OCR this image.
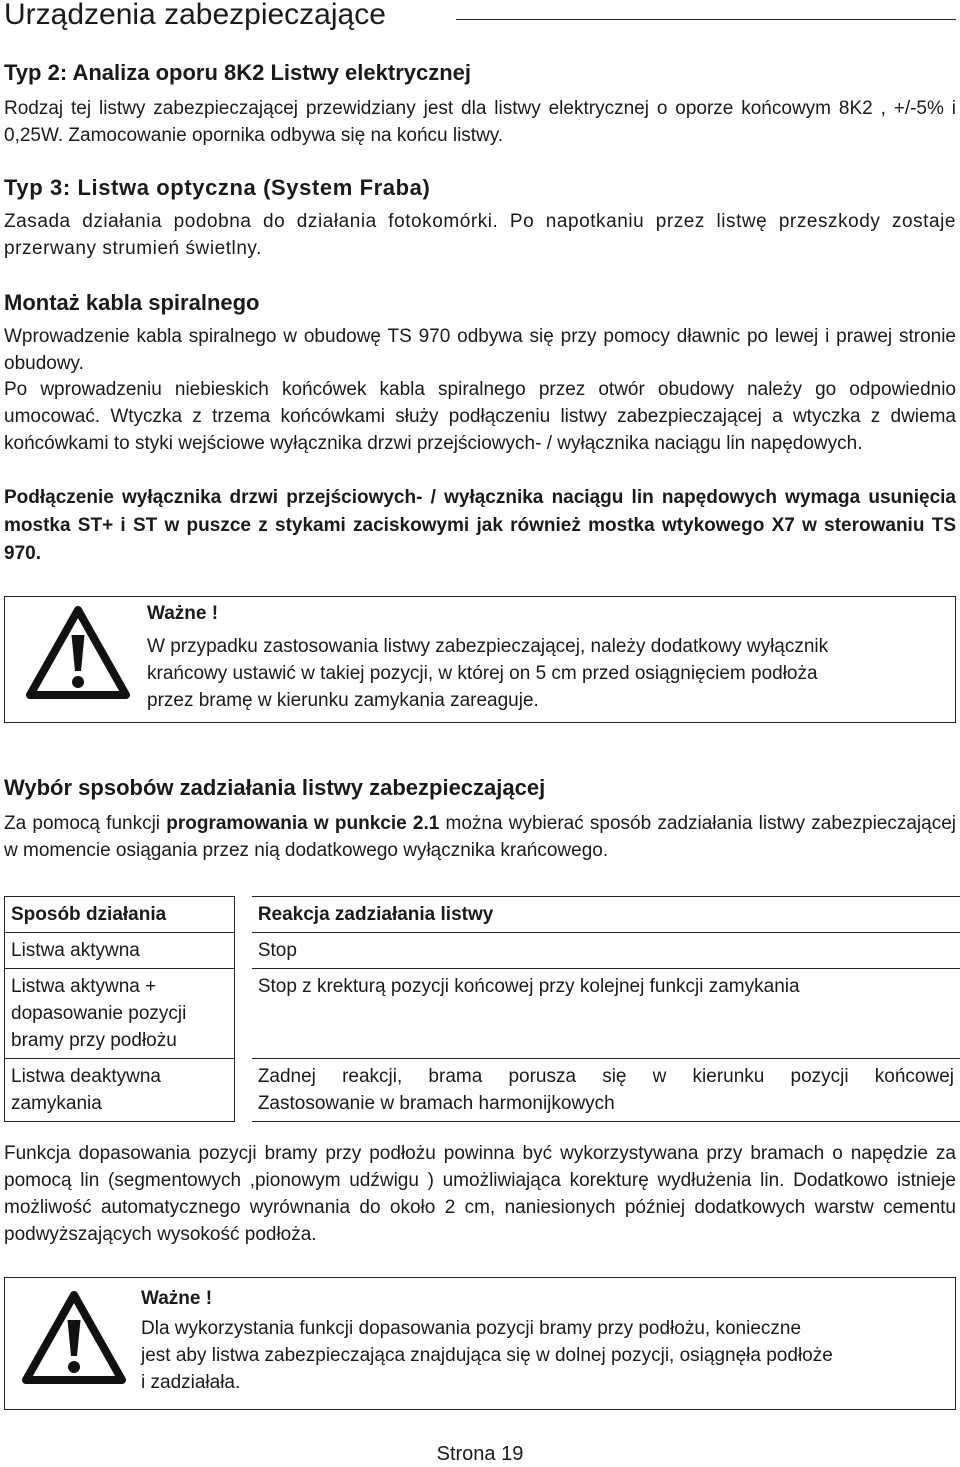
Urządzenia zabezpieczające
Typ 2: Analiza oporu 8K2 Listwy elektrycznej

Rodzaj tej listwy zabezpieczającej przewidziany jest dla listwy elektrycznej o oporze końcowym 8K2 , +/-5% i 0,25W. Zamocowanie opornika odbywa się na końcu listwy.

Typ 3: Listwa optyczna (System Fraba)

Zasada działania podobna do działania fotokomórki. Po napotkaniu przez listwę przeszkody zostaje przerwany strumień świetlny.

Montaż kabla spiralnego

Wprowadzenie kabla spiralnego w obudowę TS 970 odbywa się przy pomocy dławnic po lewej i prawej stronie obudowy.

Po wprowadzeniu niebieskich końcówek kabla spiralnego przez otwór obudowy należy go odpowiednio umocować. Wtyczka z trzema końcówkami służy podłączeniu listwy zabezpieczającej a wtyczka z dwiema końcówkami to styki wejściowe wyłącznika drzwi przejściowych- / wyłącznika naciągu lin napędowych.

Podłączenie wyłącznika drzwi przejściowych- / wyłącznika naciągu lin napędowych wymaga usunięcia mostka ST+ i ST w puszce z stykami zaciskowymi jak również mostka wtykowego X7 w sterowaniu TS 970.

Ważne !
W przypadku zastosowania listwy zabezpieczającej, należy dodatkowy wyłącznik
krańcowy ustawić w takiej pozycji, w której on 5 cm przed osiągnięciem podłoża
przez bramę w kierunku zamykania zareaguje.
Wybór spsobów zadziałania listwy zabezpieczającej

Za pomocą funkcji programowania w punkcie 2.1 można wybierać sposób zadziałania listwy zabezpieczającej w momencie osiągania przez nią dodatkowego wyłącznika krańcowego.

Sposób działania		Reakcja zadziałania listwy
Listwa aktywna		Stop
Listwa aktywna + dopasowanie pozycji bramy przy podłożu		Stop z krekturą pozycji końcowej przy kolejnej funkcji zamykania
Listwa deaktywna zamykania		Zadnej reakcji, brama porusza się w kierunku pozycji końcowej
Zastosowanie w bramach harmonijkowych

Funkcja dopasowania pozycji bramy przy podłożu powinna być wykorzystywana przy bramach o napędzie za pomocą lin (segmentowych ,pionowym udźwigu ) umożliwiająca korekturę wydłużenia lin. Dodatkowo istnieje możliwość automatycznego wyrównania do około 2 cm, naniesionych później dodatkowych warstw cementu podwyższających wysokość podłoża.

Ważne !
Dla wykorzystania funkcji dopasowania pozycji bramy przy podłożu, konieczne
jest aby listwa zabezpieczająca znajdująca się w dolnej pozycji, osiągnęła podłoże
i zadziałała.
Strona 19
